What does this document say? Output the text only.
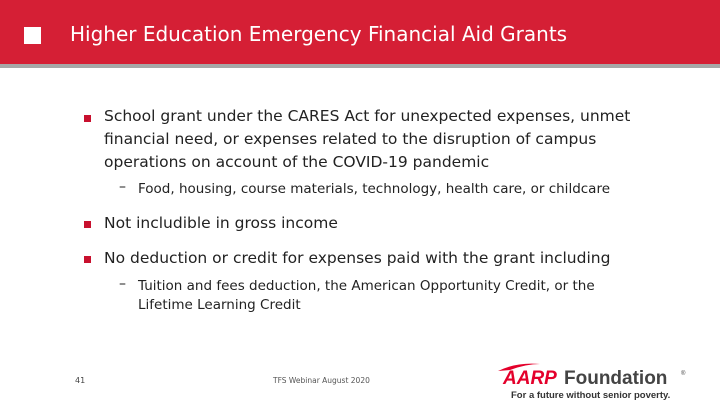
Higher Education Emergency Financial Aid Grants
School grant under the CARES Act for unexpected expenses, unmet financial need, or expenses related to the disruption of campus operations on account of the COVID-19 pandemic
– Food, housing, course materials, technology, health care, or childcare
Not includible in gross income
No deduction or credit for expenses paid with the grant including
– Tuition and fees deduction, the American Opportunity Credit, or the Lifetime Learning Credit
41	TFS Webinar August 2020	AARP Foundation ®
For a future without senior poverty.
